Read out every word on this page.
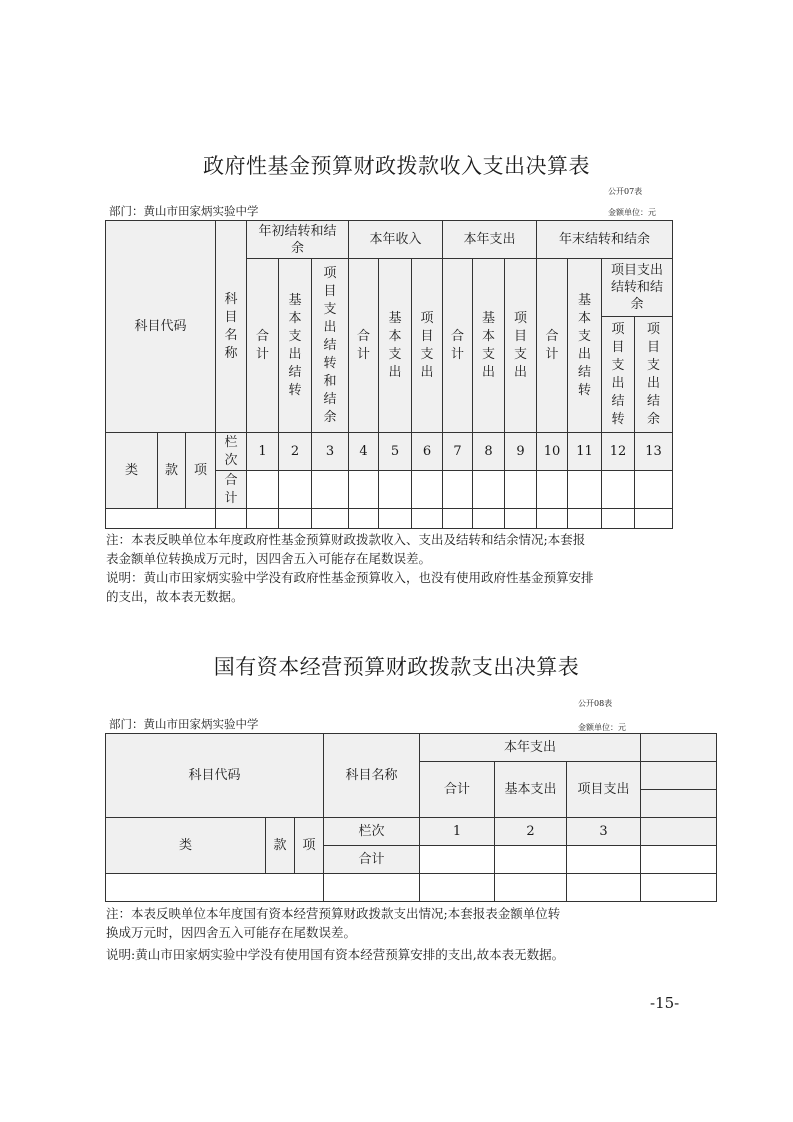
政府性基金预算财政拨款收入支出决算表
公开07表
部门：黄山市田家炳实验中学	金额单位：元
科目代码			科目名称	年初结转和结余			本年收入			本年支出			年末结转和结余			
				合计	基本支出结转	项目支出结转和结余	合计	基本支出	项目支出	合计	基本支出	项目支出	合计	基本支出结转	项目支出结转和结余	
															项目支出结转	项目支出结余
类	款	项	栏次	1	2	3	4	5	6	7	8	9	10	11	12	13
			合计													

注：本表反映单位本年度政府性基金预算财政拨款收入、支出及结转和结余情况;本套报
表金额单位转换成万元时，因四舍五入可能存在尾数误差。
说明：黄山市田家炳实验中学没有政府性基金预算收入，也没有使用政府性基金预算安排
的支出，故本表无数据。
国有资本经营预算财政拨款支出决算表
公开08表
部门：黄山市田家炳实验中学	金额单位：元
科目代码			科目名称	本年支出			
				合计	基本支出	项目支出	

类	款	项	栏次	1	2	3	
			合计				

注：本表反映单位本年度国有资本经营预算财政拨款支出情况;本套报表金额单位转
换成万元时，因四舍五入可能存在尾数误差。
说明:黄山市田家炳实验中学没有使用国有资本经营预算安排的支出,故本表无数据。
-15-
